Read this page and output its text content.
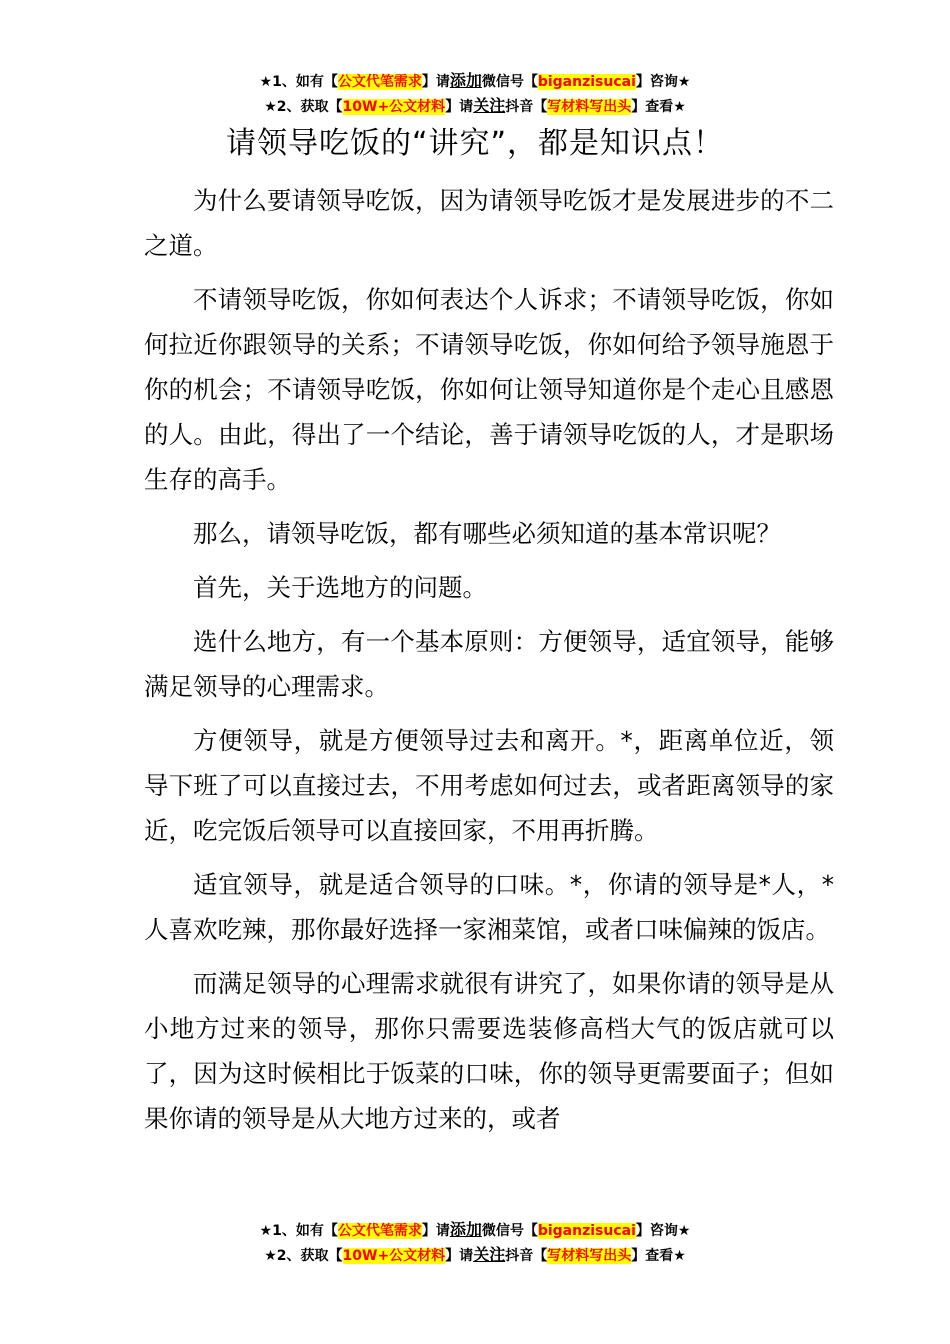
★1、如有【公文代笔需求】请添加微信号【biganzisucai】咨询★
★2、获取【10W+公文材料】请关注抖音【写材料写出头】查看★
请领导吃饭的“讲究”，都是知识点！

为什么要请领导吃饭，因为请领导吃饭才是发展进步的不二之道。

不请领导吃饭，你如何表达个人诉求；不请领导吃饭，你如何拉近你跟领导的关系；不请领导吃饭，你如何给予领导施恩于你的机会；不请领导吃饭，你如何让领导知道你是个走心且感恩的人。由此，得出了一个结论，善于请领导吃饭的人，才是职场生存的高手。

那么，请领导吃饭，都有哪些必须知道的基本常识呢？

首先，关于选地方的问题。

选什么地方，有一个基本原则：方便领导，适宜领导，能够满足领导的心理需求。

方便领导，就是方便领导过去和离开。*，距离单位近，领导下班了可以直接过去，不用考虑如何过去，或者距离领导的家近，吃完饭后领导可以直接回家，不用再折腾。

适宜领导，就是适合领导的口味。*，你请的领导是*人，*人喜欢吃辣，那你最好选择一家湘菜馆，或者口味偏辣的饭店。

而满足领导的心理需求就很有讲究了，如果你请的领导是从小地方过来的领导，那你只需要选装修高档大气的饭店就可以了，因为这时候相比于饭菜的口味，你的领导更需要面子；但如果你请的领导是从大地方过来的，或者

★1、如有【公文代笔需求】请添加微信号【biganzisucai】咨询★
★2、获取【10W+公文材料】请关注抖音【写材料写出头】查看★
